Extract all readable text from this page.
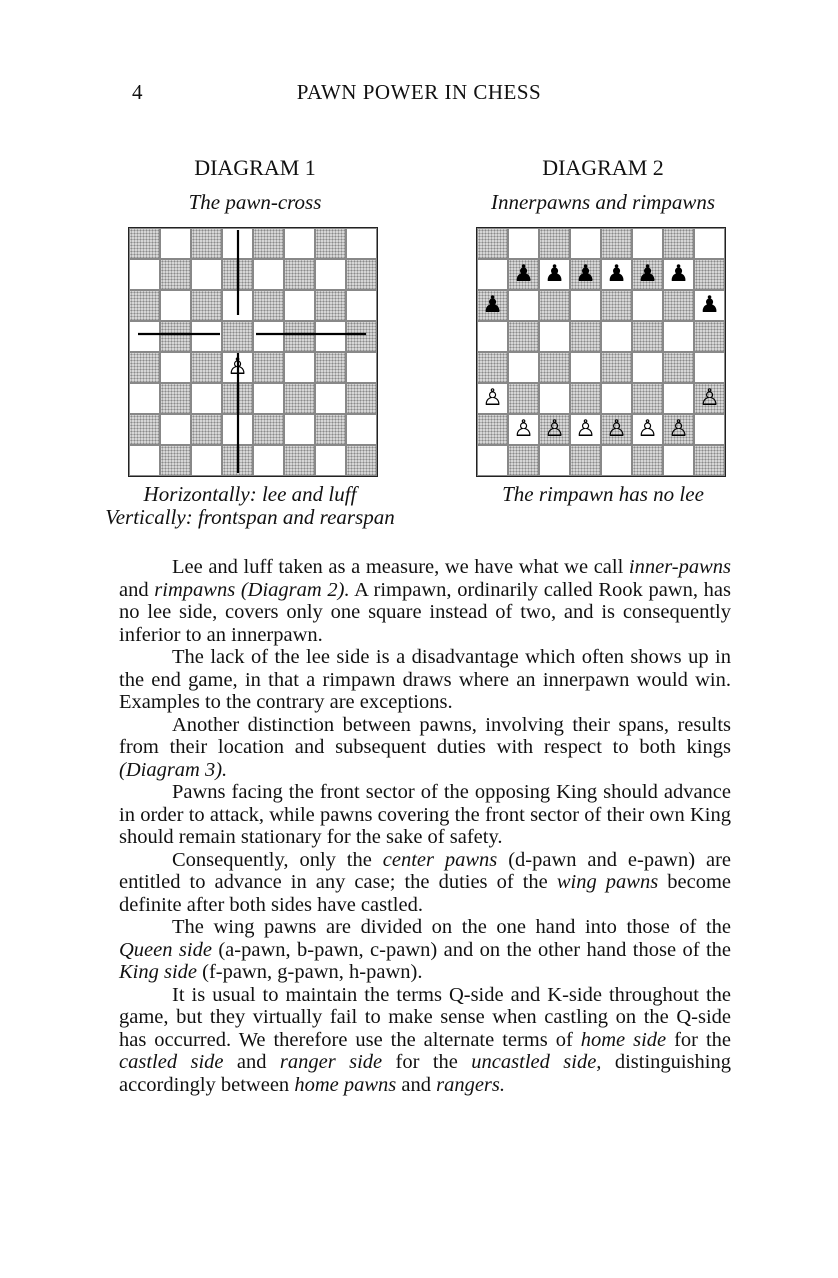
4	PAWN POWER IN CHESS
DIAGRAM 1
The pawn-cross
♙
Horizontally: lee and luff
Vertically: frontspan and rearspan
DIAGRAM 2
Innerpawns and rimpawns
♟ ♟ ♟ ♟ ♟ ♟
♟	♟
♙	♙
♙ ♙ ♙ ♙ ♙ ♙
The rimpawn has no lee

Lee and luff taken as a measure, we have what we call inner-pawns and rimpawns (Diagram 2). A rimpawn, ordinarily called Rook pawn, has no lee side, covers only one square instead of two, and is consequently inferior to an innerpawn.

The lack of the lee side is a disadvantage which often shows up in the end game, in that a rimpawn draws where an innerpawn would win. Examples to the contrary are exceptions.

Another distinction between pawns, involving their spans, results from their location and subsequent duties with respect to both kings (Diagram 3).

Pawns facing the front sector of the opposing King should advance in order to attack, while pawns covering the front sector of their own King should remain stationary for the sake of safety.

Consequently, only the center pawns (d-pawn and e-pawn) are entitled to advance in any case; the duties of the wing pawns become definite after both sides have castled.

The wing pawns are divided on the one hand into those of the Queen side (a-pawn, b-pawn, c-pawn) and on the other hand those of the King side (f-pawn, g-pawn, h-pawn).

It is usual to maintain the terms Q-side and K-side throughout the game, but they virtually fail to make sense when castling on the Q-side has occurred. We therefore use the alternate terms of home side for the castled side and ranger side for the uncastled side, distinguishing accordingly between home pawns and rangers.
